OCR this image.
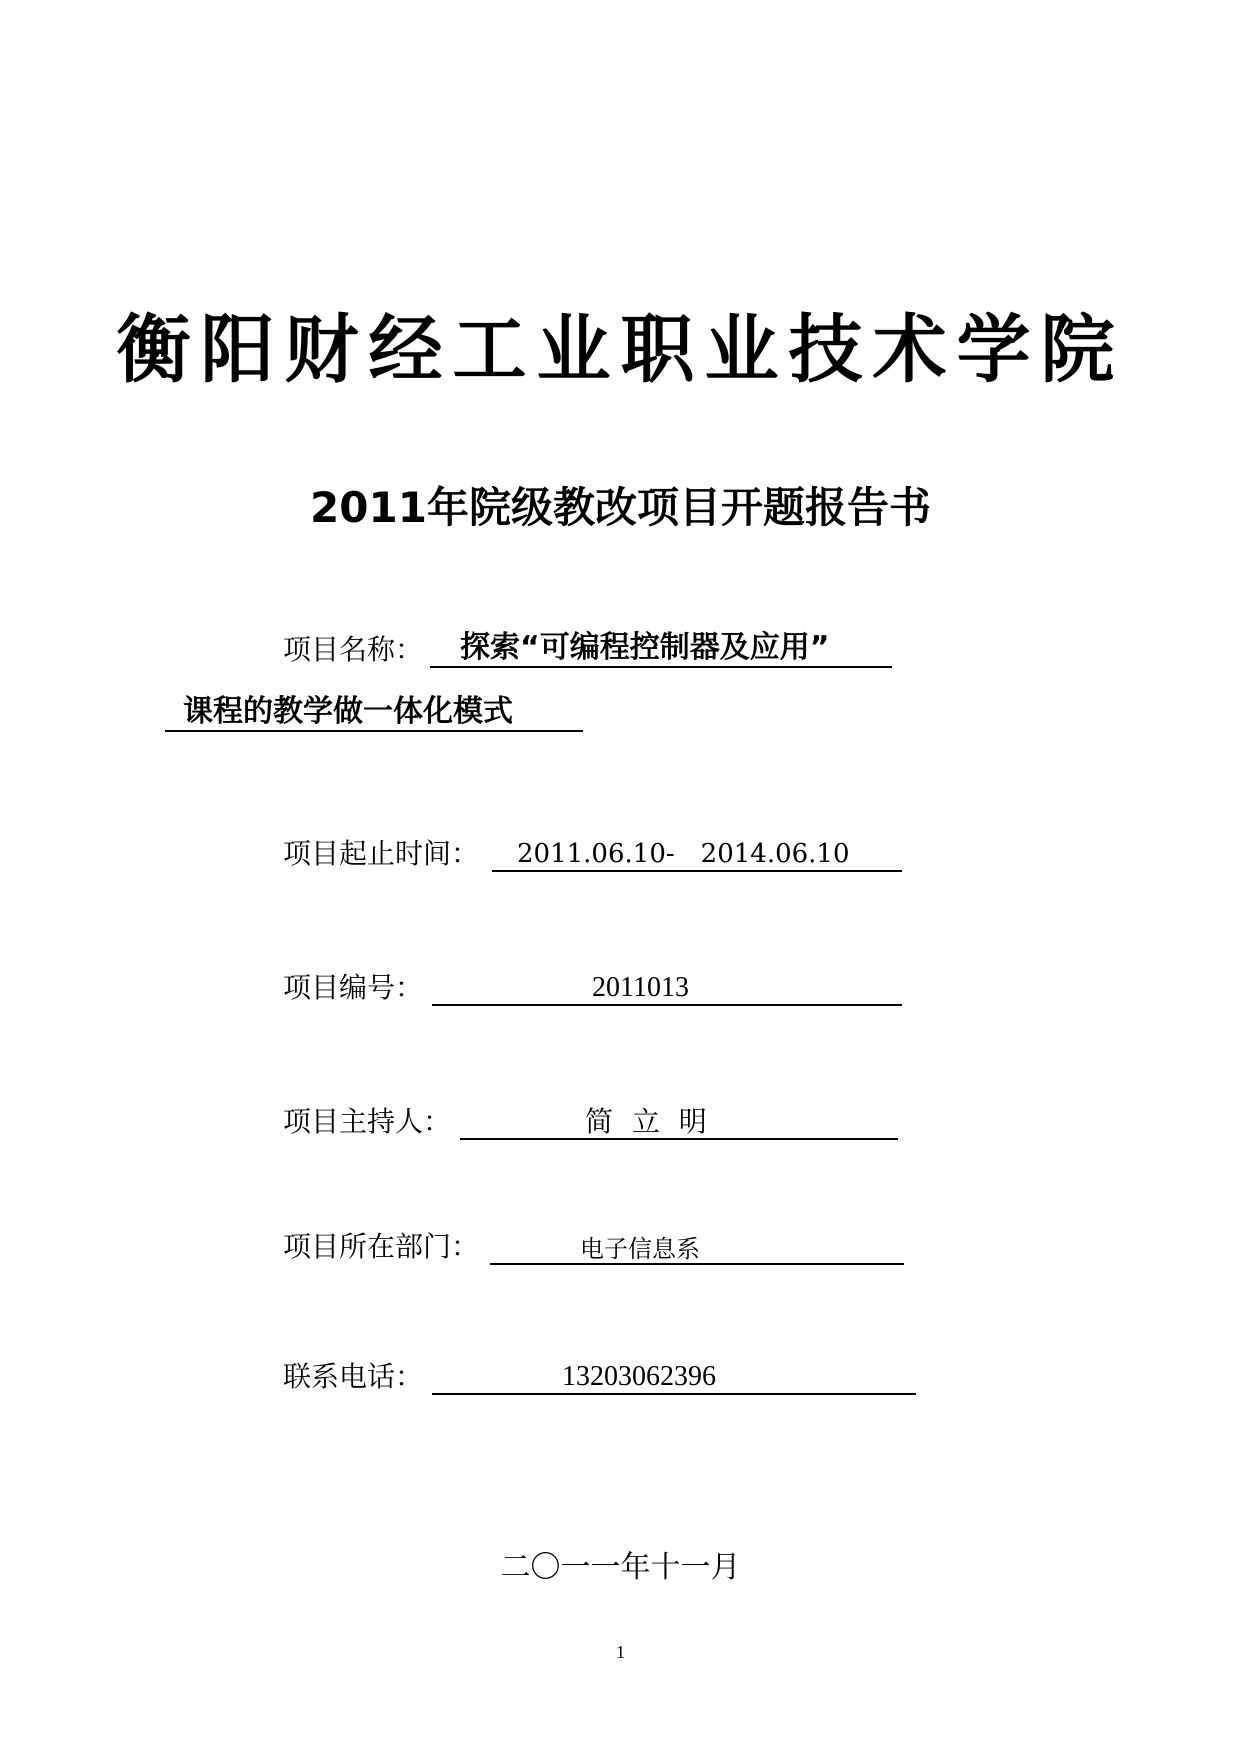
衡阳财经工业职业技术学院
2011年院级教改项目开题报告书
项目名称： 探索“可编程控制器及应用”
课程的教学做一体化模式
项目起止时间： 2011.06.10-　2014.06.10
项目编号：	2011013
项目主持人：	简 立 明
项目所在部门：	电子信息系
联系电话：	13203062396
二〇一一年十一月
1
